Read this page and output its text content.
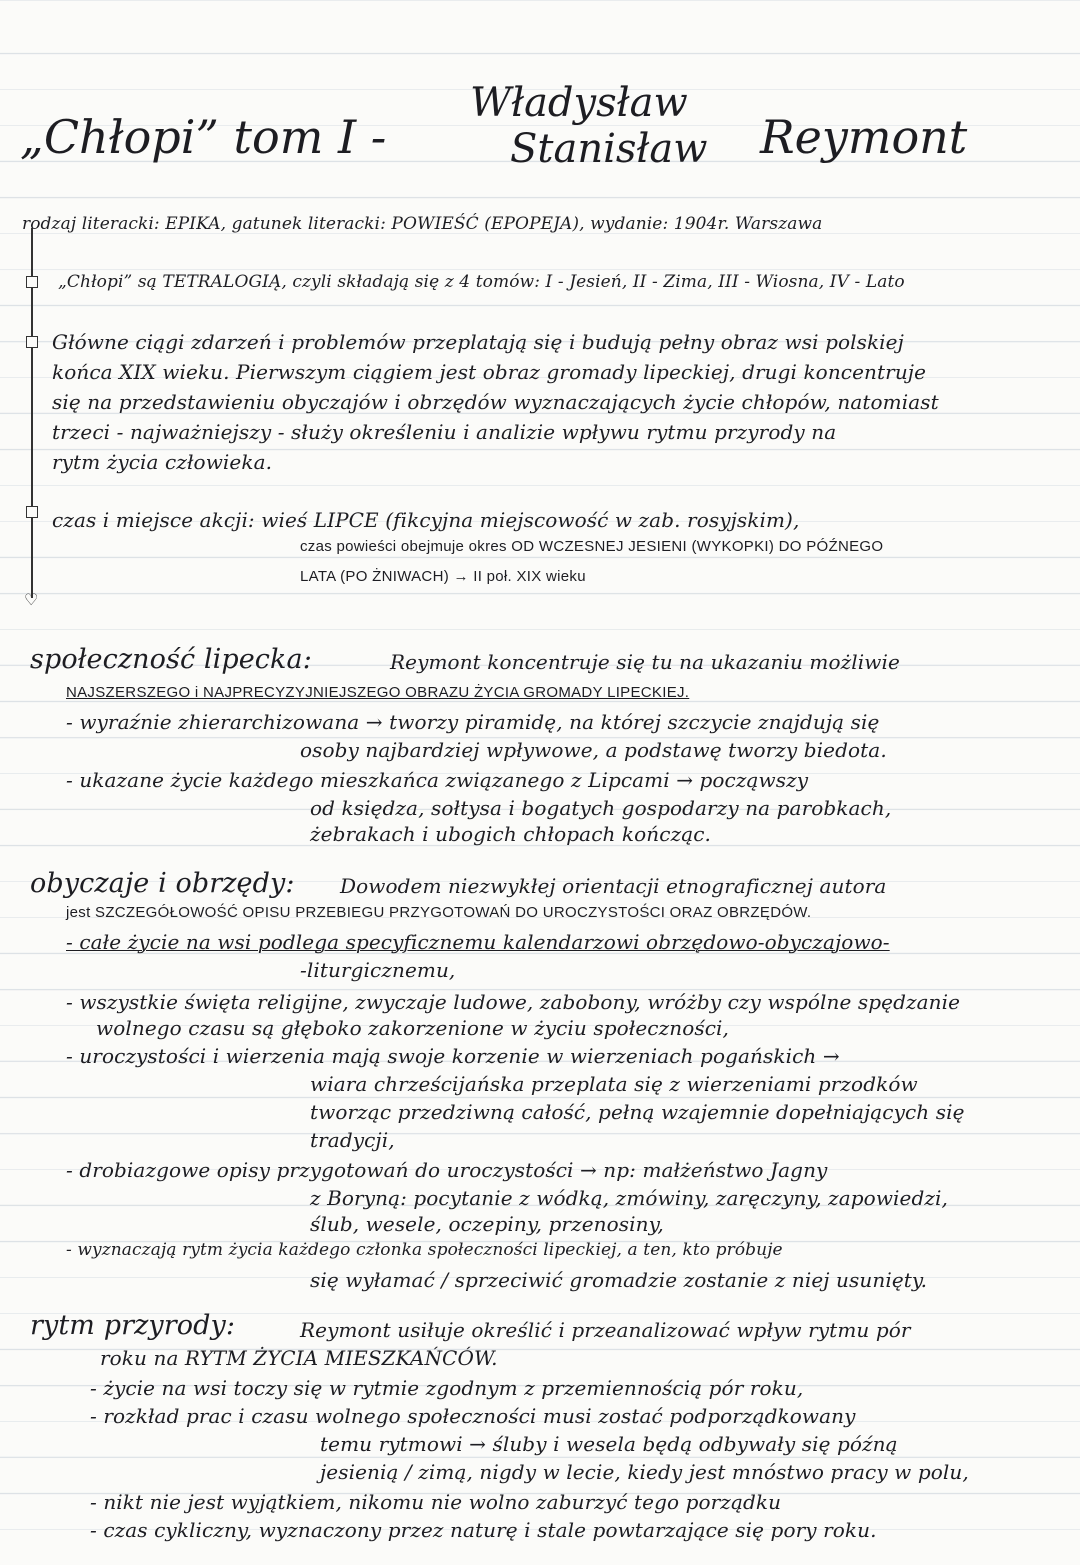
„Chłopi” tom I -
Władysław
Stanisław Reymont
♡
rodzaj literacki: EPIKA, gatunek literacki: POWIEŚĆ (EPOPEJA), wydanie: 1904r. Warszawa
„Chłopi” są TETRALOGIĄ, czyli składają się z 4 tomów: I - Jesień, II - Zima, III - Wiosna, IV - Lato
Główne ciągi zdarzeń i problemów przeplatają się i budują pełny obraz wsi polskiej
końca XIX wieku. Pierwszym ciągiem jest obraz gromady lipeckiej, drugi koncentruje
się na przedstawieniu obyczajów i obrzędów wyznaczających życie chłopów, natomiast
trzeci - najważniejszy - służy określeniu i analizie wpływu rytmu przyrody na
rytm życia człowieka.
czas i miejsce akcji: wieś LIPCE (fikcyjna miejscowość w zab. rosyjskim),
czas powieści obejmuje okres OD WCZESNEJ JESIENI (WYKOPKI) DO PÓŹNEGO
LATA (PO ŻNIWACH) → II poł. XIX wieku
społeczność lipecka:	Reymont koncentruje się tu na ukazaniu możliwie
NAJSZERSZEGO i NAJPRECYZYJNIEJSZEGO OBRAZU ŻYCIA GROMADY LIPECKIEJ.
- wyraźnie zhierarchizowana → tworzy piramidę, na której szczycie znajdują się
osoby najbardziej wpływowe, a podstawę tworzy biedota.
- ukazane życie każdego mieszkańca związanego z Lipcami → począwszy
od księdza, sołtysa i bogatych gospodarzy na parobkach,
żebrakach i ubogich chłopach kończąc.
obyczaje i obrzędy: Dowodem niezwykłej orientacji etnograficznej autora
jest SZCZEGÓŁOWOŚĆ OPISU PRZEBIEGU PRZYGOTOWAŃ DO UROCZYSTOŚCI ORAZ OBRZĘDÓW.
- całe życie na wsi podlega specyficznemu kalendarzowi obrzędowo-obyczajowo-
-liturgicznemu,
- wszystkie święta religijne, zwyczaje ludowe, zabobony, wróżby czy wspólne spędzanie
wolnego czasu są głęboko zakorzenione w życiu społeczności,
- uroczystości i wierzenia mają swoje korzenie w wierzeniach pogańskich →
wiara chrześcijańska przeplata się z wierzeniami przodków
tworząc przedziwną całość, pełną wzajemnie dopełniających się
tradycji,
- drobiazgowe opisy przygotowań do uroczystości → np: małżeństwo Jagny
z Boryną: pocytanie z wódką, zmówiny, zaręczyny, zapowiedzi,
ślub, wesele, oczepiny, przenosiny,
- wyznaczają rytm życia każdego członka społeczności lipeckiej, a ten, kto próbuje
się wyłamać / sprzeciwić gromadzie zostanie z niej usunięty.
rytm przyrody:	Reymont usiłuje określić i przeanalizować wpływ rytmu pór
roku na RYTM ŻYCIA MIESZKAŃCÓW.
- życie na wsi toczy się w rytmie zgodnym z przemiennością pór roku,
- rozkład prac i czasu wolnego społeczności musi zostać podporządkowany
temu rytmowi → śluby i wesela będą odbywały się późną
jesienią / zimą, nigdy w lecie, kiedy jest mnóstwo pracy w polu,
- nikt nie jest wyjątkiem, nikomu nie wolno zaburzyć tego porządku
- czas cykliczny, wyznaczony przez naturę i stale powtarzające się pory roku.
